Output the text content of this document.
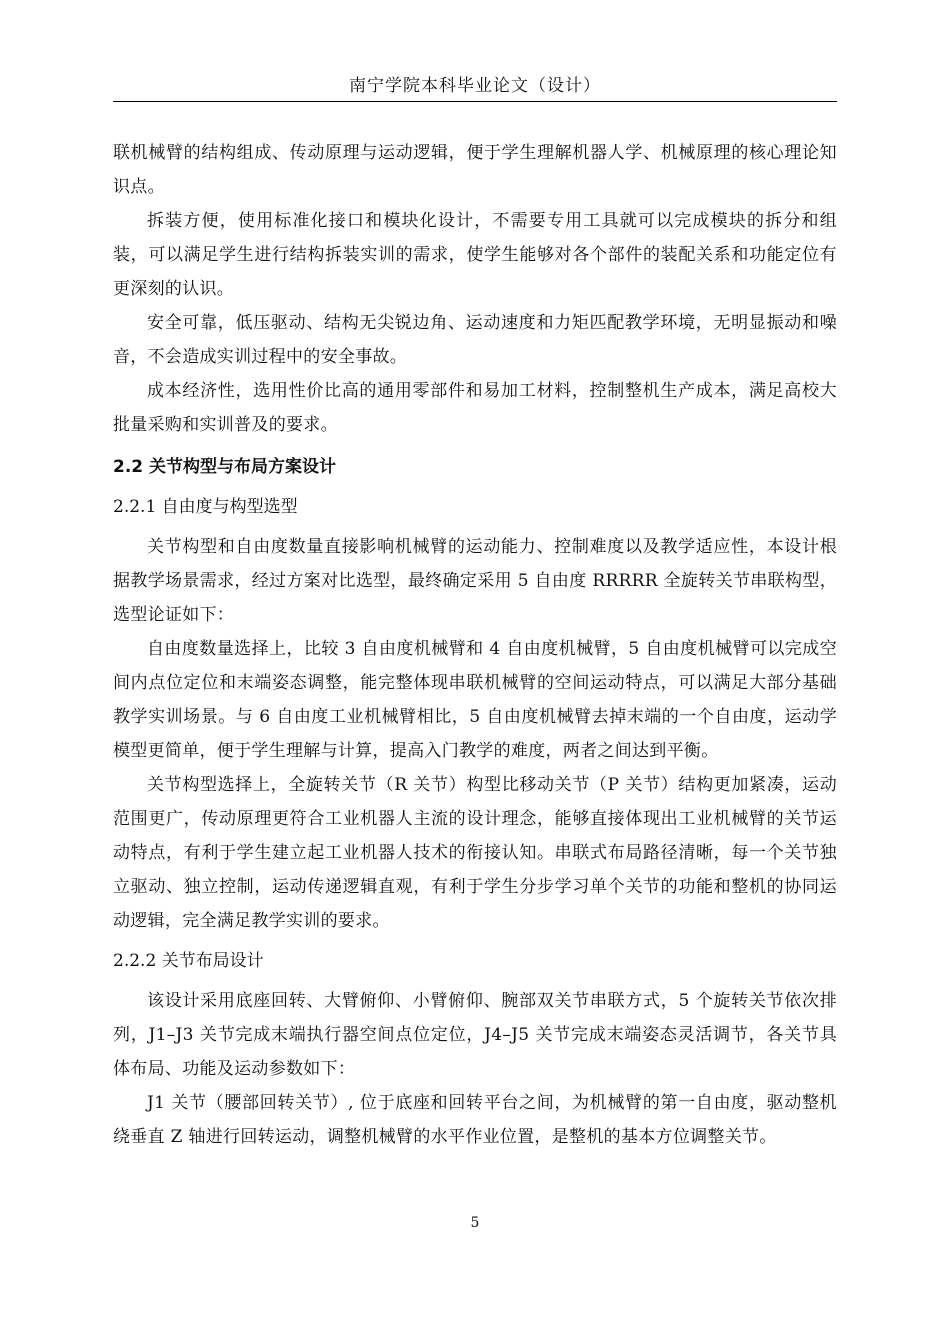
南宁学院本科毕业论文（设计）

联机械臂的结构组成、传动原理与运动逻辑，便于学生理解机器人学、机械原理的核心理论知识点。

拆装方便，使用标准化接口和模块化设计，不需要专用工具就可以完成模块的拆分和组装，可以满足学生进行结构拆装实训的需求，使学生能够对各个部件的装配关系和功能定位有更深刻的认识。

安全可靠，低压驱动、结构无尖锐边角、运动速度和力矩匹配教学环境，无明显振动和噪音，不会造成实训过程中的安全事故。

成本经济性，选用性价比高的通用零部件和易加工材料，控制整机生产成本，满足高校大批量采购和实训普及的要求。

2.2 关节构型与布局方案设计
2.2.1 自由度与构型选型

关节构型和自由度数量直接影响机械臂的运动能力、控制难度以及教学适应性，本设计根据教学场景需求，经过方案对比选型，最终确定采用 5 自由度 RRRRR 全旋转关节串联构型，选型论证如下：

自由度数量选择上，比较 3 自由度机械臂和 4 自由度机械臂，5 自由度机械臂可以完成空间内点位定位和末端姿态调整，能完整体现串联机械臂的空间运动特点，可以满足大部分基础教学实训场景。与 6 自由度工业机械臂相比，5 自由度机械臂去掉末端的一个自由度，运动学模型更简单，便于学生理解与计算，提高入门教学的难度，两者之间达到平衡。

关节构型选择上，全旋转关节（R 关节）构型比移动关节（P 关节）结构更加紧凑，运动范围更广，传动原理更符合工业机器人主流的设计理念，能够直接体现出工业机械臂的关节运动特点，有利于学生建立起工业机器人技术的衔接认知。串联式布局路径清晰，每一个关节独立驱动、独立控制，运动传递逻辑直观，有利于学生分步学习单个关节的功能和整机的协同运动逻辑，完全满足教学实训的要求。

2.2.2 关节布局设计

该设计采用底座回转、大臂俯仰、小臂俯仰、腕部双关节串联方式，5 个旋转关节依次排列，J1–J3 关节完成末端执行器空间点位定位，J4–J5 关节完成末端姿态灵活调节，各关节具体布局、功能及运动参数如下：

J1 关节（腰部回转关节）, 位于底座和回转平台之间，为机械臂的第一自由度，驱动整机绕垂直 Z 轴进行回转运动，调整机械臂的水平作业位置，是整机的基本方位调整关节。

5
